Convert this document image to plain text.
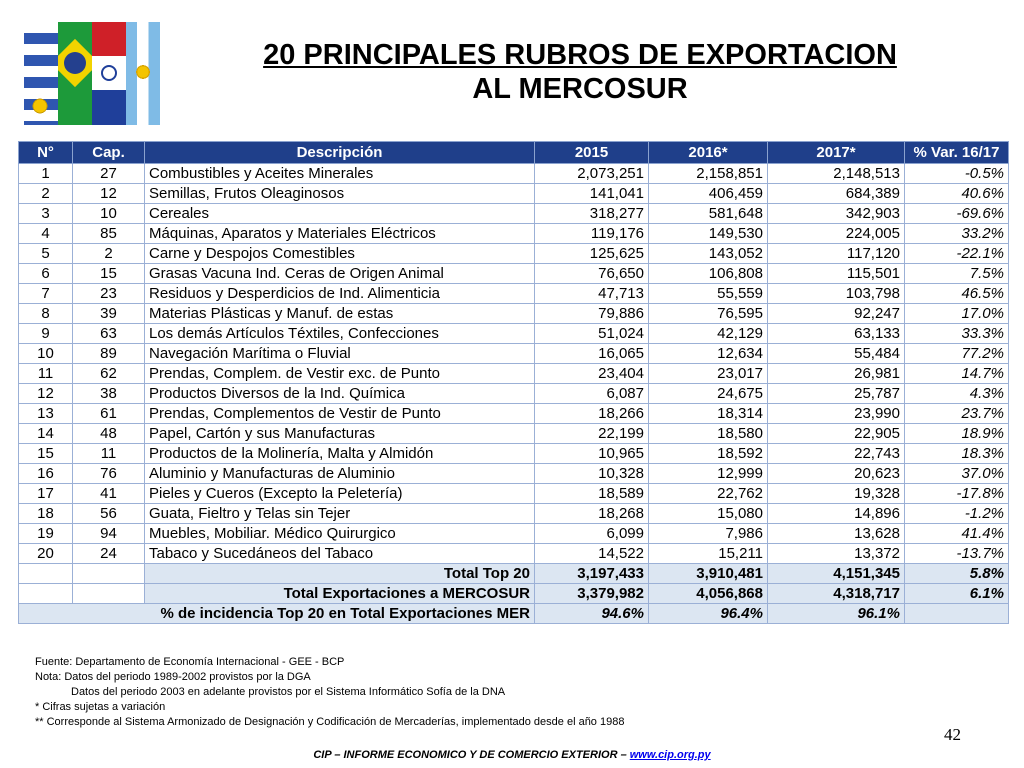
20 PRINCIPALES RUBROS DE EXPORTACION
AL MERCOSUR
N°	Cap.	Descripción	2015	2016*	2017*	% Var. 16/17
1	27	Combustibles y Aceites Minerales	2,073,251	2,158,851	2,148,513	-0.5%
2	12	Semillas, Frutos Oleaginosos	141,041	406,459	684,389	40.6%
3	10	Cereales	318,277	581,648	342,903	-69.6%
4	85	Máquinas, Aparatos y Materiales Eléctricos	119,176	149,530	224,005	33.2%
5	2	Carne y Despojos Comestibles	125,625	143,052	117,120	-22.1%
6	15	Grasas Vacuna Ind. Ceras de Origen Animal	76,650	106,808	115,501	7.5%
7	23	Residuos y Desperdicios de Ind. Alimenticia	47,713	55,559	103,798	46.5%
8	39	Materias Plásticas y Manuf. de estas	79,886	76,595	92,247	17.0%
9	63	Los demás Artículos Téxtiles, Confecciones	51,024	42,129	63,133	33.3%
10	89	Navegación Marítima o Fluvial	16,065	12,634	55,484	77.2%
11	62	Prendas, Complem. de Vestir exc. de Punto	23,404	23,017	26,981	14.7%
12	38	Productos Diversos de la Ind. Química	6,087	24,675	25,787	4.3%
13	61	Prendas, Complementos de Vestir de Punto	18,266	18,314	23,990	23.7%
14	48	Papel, Cartón y sus Manufacturas	22,199	18,580	22,905	18.9%
15	11	Productos de la Molinería, Malta y Almidón	10,965	18,592	22,743	18.3%
16	76	Aluminio y Manufacturas de Aluminio	10,328	12,999	20,623	37.0%
17	41	Pieles y Cueros (Excepto la Peletería)	18,589	22,762	19,328	-17.8%
18	56	Guata, Fieltro y Telas sin Tejer	18,268	15,080	14,896	-1.2%
19	94	Muebles, Mobiliar. Médico Quirurgico	6,099	7,986	13,628	41.4%
20	24	Tabaco y Sucedáneos del Tabaco	14,522	15,211	13,372	-13.7%
		Total Top 20	3,197,433	3,910,481	4,151,345	5.8%
		Total Exportaciones a MERCOSUR	3,379,982	4,056,868	4,318,717	6.1%
% de incidencia Top 20 en Total Exportaciones MER			94.6%	96.4%	96.1%	
Fuente: Departamento de Economía Internacional - GEE - BCP
Nota: Datos del periodo 1989-2002 provistos por la DGA
Datos del periodo 2003 en adelante provistos por el Sistema Informático Sofía de la DNA
* Cifras sujetas a variación
** Corresponde al Sistema Armonizado de Designación y Codificación de Mercaderías, implementado desde el año 1988
42
CIP – INFORME ECONOMICO Y DE COMERCIO EXTERIOR – www.cip.org.py
